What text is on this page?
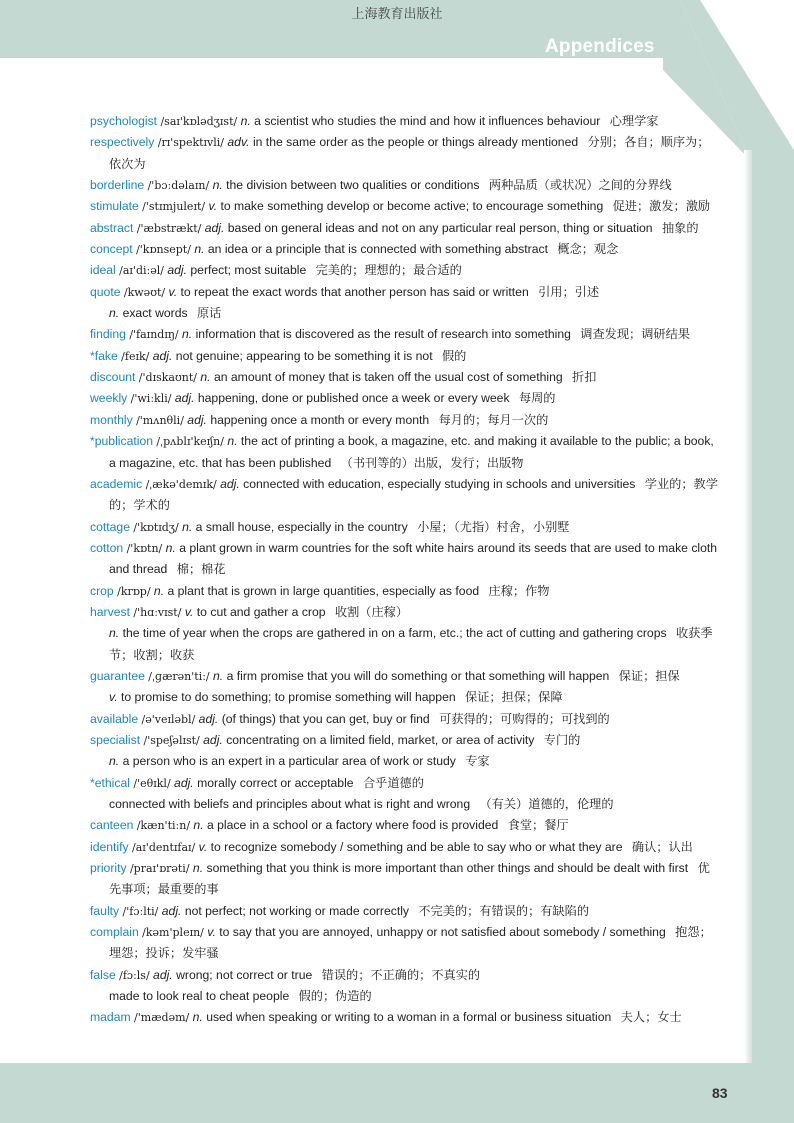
上海教育出版社
Appendices
psychologist /saɪ'kɒlədʒɪst/ n. a scientist who studies the mind and how it influences behaviour 心理学家
respectively /rɪ'spektɪvli/ adv. in the same order as the people or things already mentioned 分别；各自；顺序为；依次为
borderline /'bɔːdəlaɪn/ n. the division between two qualities or conditions 两种品质（或状况）之间的分界线
stimulate /'stɪmjuleɪt/ v. to make something develop or become active; to encourage something 促进；激发；激励
abstract /'æbstrækt/ adj. based on general ideas and not on any particular real person, thing or situation 抽象的
concept /'kɒnsept/ n. an idea or a principle that is connected with something abstract 概念；观念
ideal /aɪ'diːəl/ adj. perfect; most suitable 完美的；理想的；最合适的
quote /kwəʊt/ v. to repeat the exact words that another person has said or written 引用；引述
n. exact words 原话
finding /'faɪndɪŋ/ n. information that is discovered as the result of research into something 调查发现；调研结果
*fake /feɪk/ adj. not genuine; appearing to be something it is not 假的
discount /'dɪskaʊnt/ n. an amount of money that is taken off the usual cost of something 折扣
weekly /'wiːkli/ adj. happening, done or published once a week or every week 每周的
monthly /'mʌnθli/ adj. happening once a month or every month 每月的；每月一次的
*publication /ˌpʌblɪ'keɪʃn/ n. the act of printing a book, a magazine, etc. and making it available to the public; a book, a magazine, etc. that has been published （书刊等的）出版，发行；出版物
academic /ˌækə'demɪk/ adj. connected with education, especially studying in schools and universities 学业的；教学的；学术的
cottage /'kɒtɪdʒ/ n. a small house, especially in the country 小屋；（尤指）村舍，小别墅
cotton /'kɒtn/ n. a plant grown in warm countries for the soft white hairs around its seeds that are used to make cloth and thread 棉；棉花
crop /krɒp/ n. a plant that is grown in large quantities, especially as food 庄稼；作物
harvest /'hɑːvɪst/ v. to cut and gather a crop 收割（庄稼）
n. the time of year when the crops are gathered in on a farm, etc.; the act of cutting and gathering crops 收获季节；收割；收获
guarantee /ˌɡærən'tiː/ n. a firm promise that you will do something or that something will happen 保证；担保
v. to promise to do something; to promise something will happen 保证；担保；保障
available /ə'veɪləbl/ adj. (of things) that you can get, buy or find 可获得的；可购得的；可找到的
specialist /'speʃəlɪst/ adj. concentrating on a limited field, market, or area of activity 专门的
n. a person who is an expert in a particular area of work or study 专家
*ethical /'eθɪkl/ adj. morally correct or acceptable 合乎道德的
connected with beliefs and principles about what is right and wrong （有关）道德的，伦理的
canteen /kæn'tiːn/ n. a place in a school or a factory where food is provided 食堂；餐厅
identify /aɪ'dentɪfaɪ/ v. to recognize somebody / something and be able to say who or what they are 确认；认出
priority /praɪ'ɒrəti/ n. something that you think is more important than other things and should be dealt with first 优先事项；最重要的事
faulty /'fɔːlti/ adj. not perfect; not working or made correctly 不完美的；有错误的；有缺陷的
complain /kəm'pleɪn/ v. to say that you are annoyed, unhappy or not satisfied about somebody / something 抱怨；埋怨；投诉；发牢骚
false /fɔːls/ adj. wrong; not correct or true 错误的；不正确的；不真实的
made to look real to cheat people 假的；伪造的
madam /'mædəm/ n. used when speaking or writing to a woman in a formal or business situation 夫人；女士
83
